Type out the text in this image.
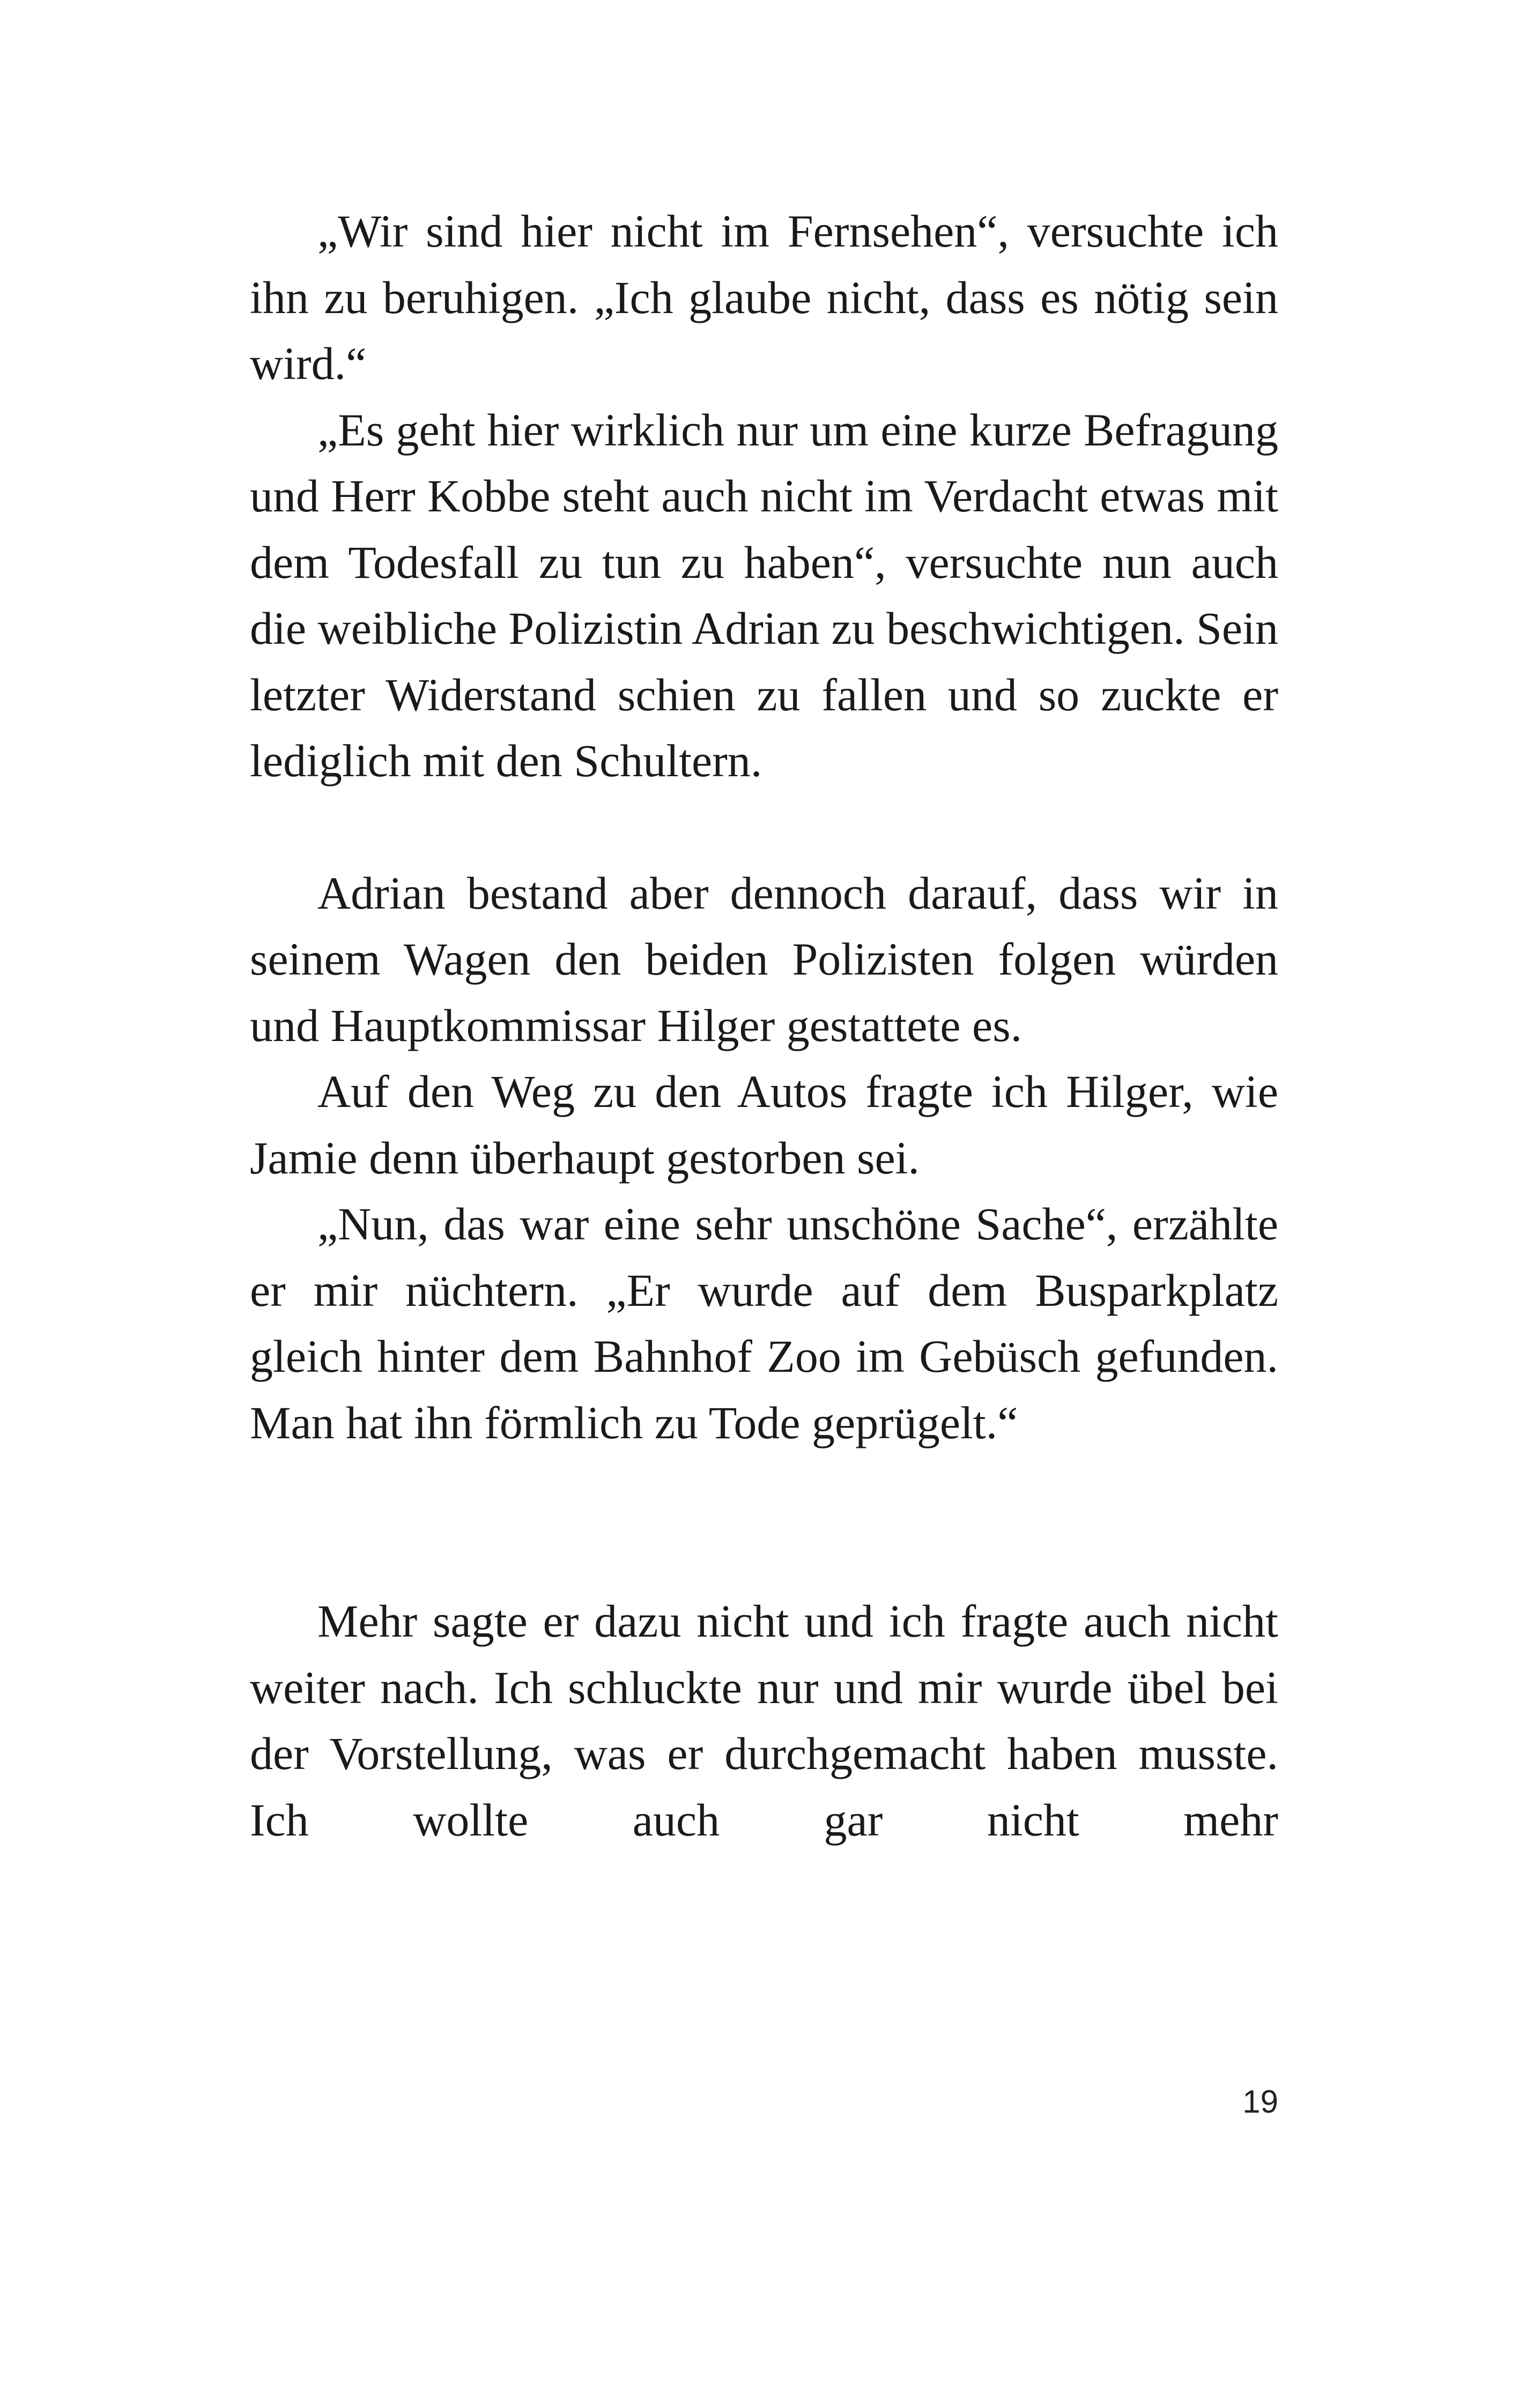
„Wir sind hier nicht im Fernsehen“, versuchte ich ihn zu beruhigen. „Ich glaube nicht, dass es nötig sein wird.“

„Es geht hier wirklich nur um eine kurze Befragung und Herr Kobbe steht auch nicht im Verdacht etwas mit dem Todesfall zu tun zu haben“, versuchte nun auch die weibliche Polizistin Adrian zu beschwichtigen. Sein letzter Widerstand schien zu fallen und so zuckte er lediglich mit den Schultern.

Adrian bestand aber dennoch darauf, dass wir in seinem Wagen den beiden Polizisten folgen würden und Hauptkommissar Hilger gestattete es.

Auf den Weg zu den Autos fragte ich Hilger, wie Jamie denn überhaupt gestorben sei.

„Nun, das war eine sehr unschöne Sache“, erzählte er mir nüchtern. „Er wurde auf dem Busparkplatz gleich hinter dem Bahnhof Zoo im Gebüsch gefunden. Man hat ihn förmlich zu Tode geprügelt.“

Mehr sagte er dazu nicht und ich fragte auch nicht weiter nach. Ich schluckte nur und mir wurde übel bei der Vorstellung, was er durchgemacht haben musste. Ich wollte auch gar nicht mehr

19
